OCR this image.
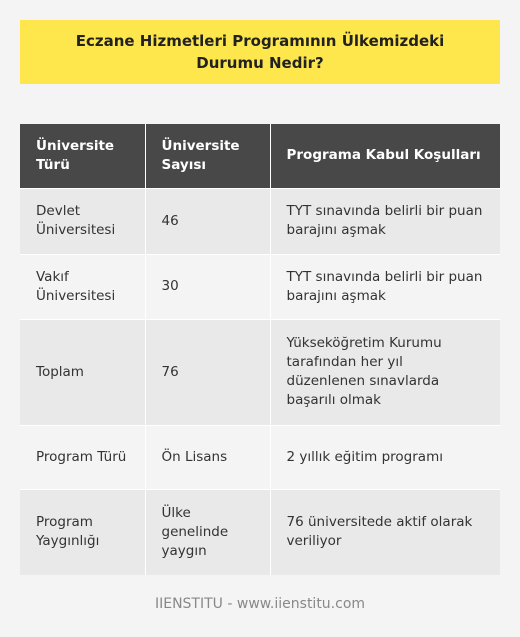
Eczane Hizmetleri Programının Ülkemizdeki Durumu Nedir?
Üniversite Türü	Üniversite Sayısı	Programa Kabul Koşulları
Devlet Üniversitesi	46	TYT sınavında belirli bir puan barajını aşmak
Vakıf Üniversitesi	30	TYT sınavında belirli bir puan barajını aşmak
Toplam	76	Yükseköğretim Kurumu tarafından her yıl düzenlenen sınavlarda başarılı olmak
Program Türü	Ön Lisans	2 yıllık eğitim programı
Program Yaygınlığı	Ülke genelinde yaygın	76 üniversitede aktif olarak veriliyor
IIENSTITU - www.iienstitu.com
